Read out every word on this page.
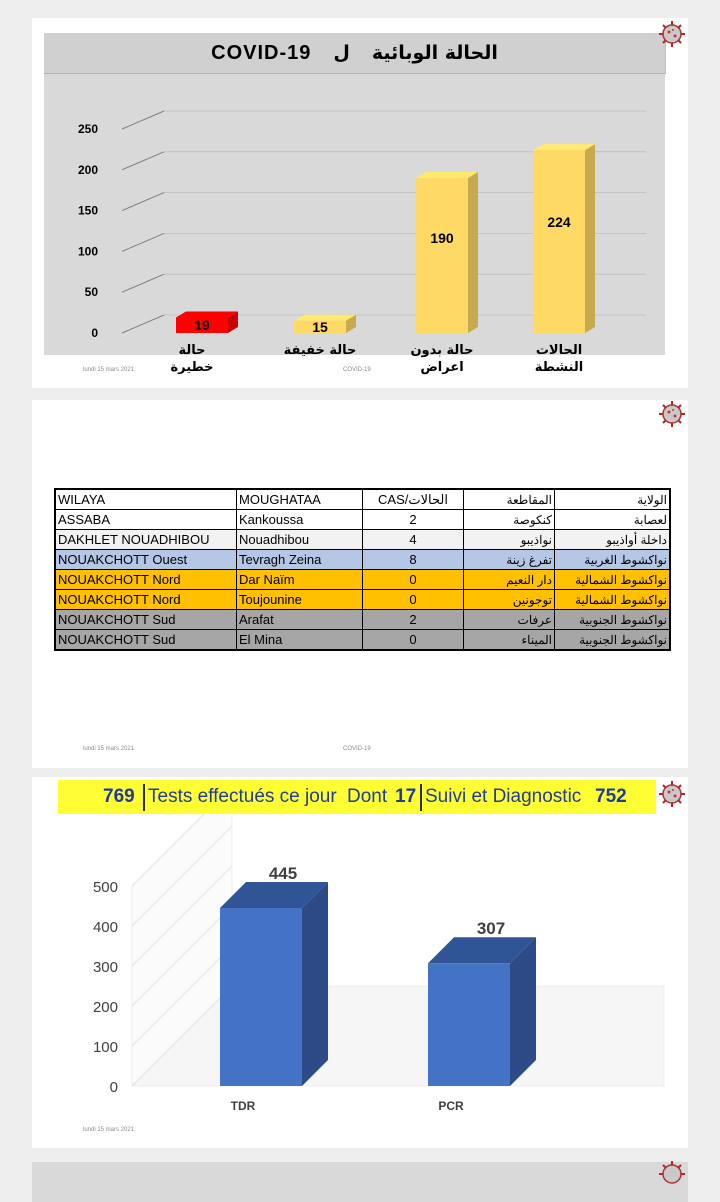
COVID-19 ل الحالة الوبائية
0
50
100
150
200
250
19
حالة
خطيرة
15
حالة خفيفة
190
حالة بدون
اعراض
224
الحالات
النشطة
lundi 15 mars 2021	COVID-19
WILAYA	MOUGHATAA	CAS/الحالات	المقاطعة	الولاية
ASSABA	Kankoussa	2	كنكوصة	لعصابة
DAKHLET NOUADHIBOU	Nouadhibou	4	نواذيبو	داخلة أواذيبو
NOUAKCHOTT Ouest	Tevragh Zeina	8	تفرغ زينة	نواكشوط الغربية
NOUAKCHOTT Nord	Dar Naïm	0	دار النعيم	نواكشوط الشمالية
NOUAKCHOTT Nord	Toujounine	0	توجونين	نواكشوط الشمالية
NOUAKCHOTT Sud	Arafat	2	عرفات	نواكشوط الجنوبية
NOUAKCHOTT Sud	El Mina	0	الميناء	نواكشوط الجنوبية
lundi 15 mars 2021	COVID-19
0
100
200
300
400
500
445
TDR
307
PCR
769 Tests effectués ce jour Dont 17 Suivi et Diagnostic 752
lundi 15 mars 2021
